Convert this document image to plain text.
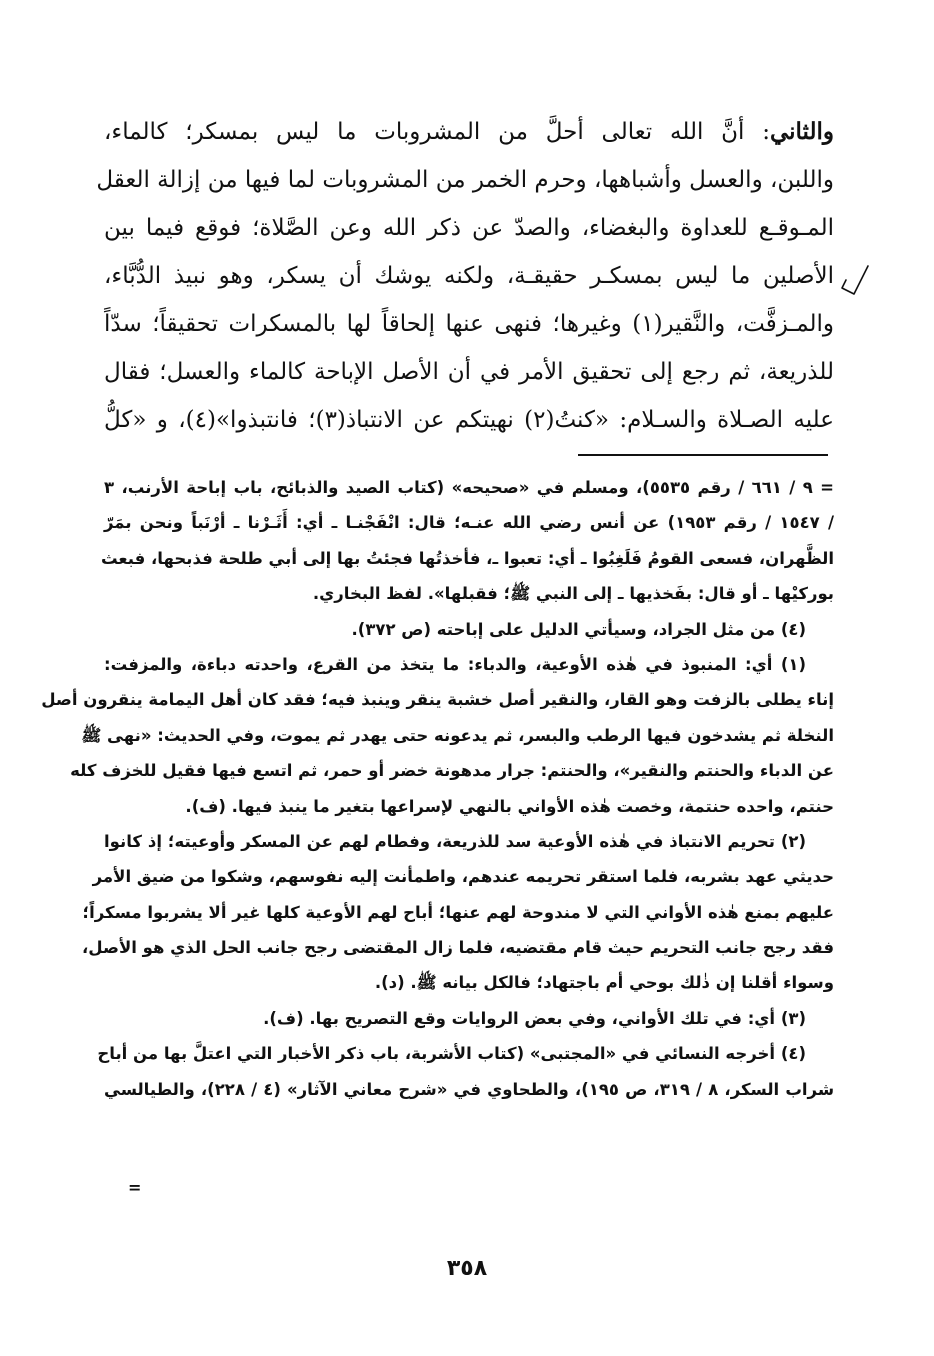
والثاني: أنَّ الله تعالى أحلَّ من المشروبات ما ليس بمسكر؛ كالماء،
واللبن، والعسل وأشباهها، وحرم الخمر من المشروبات لما فيها من إزالة العقل
المـوقـع للعداوة والبغضاء، والصدّ عن ذكر الله وعن الصَّلاة؛ فوقع فيما بين
الأصلين ما ليس بمسكـر حقيقـة، ولكنه يوشك أن يسكر، وهو نبيذ الدُّبَّاء،
والمـزفَّت، والنَّقير(١) وغيرها؛ فنهى عنها إلحاقاً لها بالمسكرات تحقيقاً؛ سدّاً
للذريعة، ثم رجع إلى تحقيق الأمر في أن الأصل الإباحة كالماء والعسل؛ فقال
عليه الصـلاة والسـلام: «كنتُ(٢) نهيتكم عن الانتباذ(٣)؛ فانتبذوا»(٤)، و «كلُّ
= ٩ / ٦٦١ / رقم ٥٥٣٥)، ومسلم في «صحيحه» (كتاب الصيد والذبائح، باب إباحة الأرنب، ٣
/ ١٥٤٧ / رقم ١٩٥٣) عن أنس رضي الله عنـه؛ قال: انْفَجْنـا ـ أي: أَثَـرْنا ـ أرْنَباً ونحن بمَرّ
الظَّهران، فسعى القومُ فَلَغِبُوا ـ أي: تعبوا ـ، فأخذتُها فجئتُ بها إلى أبي طلحة فذبحها، فبعث
بوركيْها ـ أو قال: بفَخذيها ـ إلى النبي ﷺ؛ فقبلها». لفظ البخاري.
(٤) من مثل الجراد، وسيأتي الدليل على إباحته (ص ٣٧٢).
(١) أي: المنبوذ في هٰذه الأوعية، والدباء: ما يتخذ من القرع، واحدته دباءة، والمزفت:
إناء يطلى بالزفت وهو القار، والنقير أصل خشبة ينقر وينبذ فيه؛ فقد كان أهل اليمامة ينقرون أصل
النخلة ثم يشدخون فيها الرطب والبسر، ثم يدعونه حتى يهدر ثم يموت، وفي الحديث: «نهى ﷺ
عن الدباء والحنتم والنقير»، والحنتم: جرار مدهونة خضر أو حمر، ثم اتسع فيها فقيل للخزف كله
حنتم، واحده حنتمة، وخصت هٰذه الأواني بالنهي لإسراعها بتغير ما ينبذ فيها. (ف).
(٢) تحريم الانتباذ في هٰذه الأوعية سد للذريعة، وفطام لهم عن المسكر وأوعيته؛ إذ كانوا
حديثي عهد بشربه، فلما استقر تحريمه عندهم، واطمأنت إليه نفوسهم، وشكوا من ضيق الأمر
عليهم بمنع هٰذه الأواني التي لا مندوحة لهم عنها؛ أباح لهم الأوعية كلها غير ألا يشربوا مسكراً؛
فقد رجح جانب التحريم حيث قام مقتضيه، فلما زال المقتضى رجح جانب الحل الذي هو الأصل،
وسواء أقلنا إن ذٰلك بوحي أم باجتهاد؛ فالكل بيانه ﷺ. (د).
(٣) أي: في تلك الأواني، وفي بعض الروايات وقع التصريح بها. (ف).
(٤) أخرجه النسائي في «المجتبى» (كتاب الأشربة، باب ذكر الأخبار التي اعتلَّ بها من أباح
شراب السكر، ٨ / ٣١٩، ص ١٩٥)، والطحاوي في «شرح معاني الآثار» (٤ / ٢٢٨)، والطيالسي
=
٣٥٨
